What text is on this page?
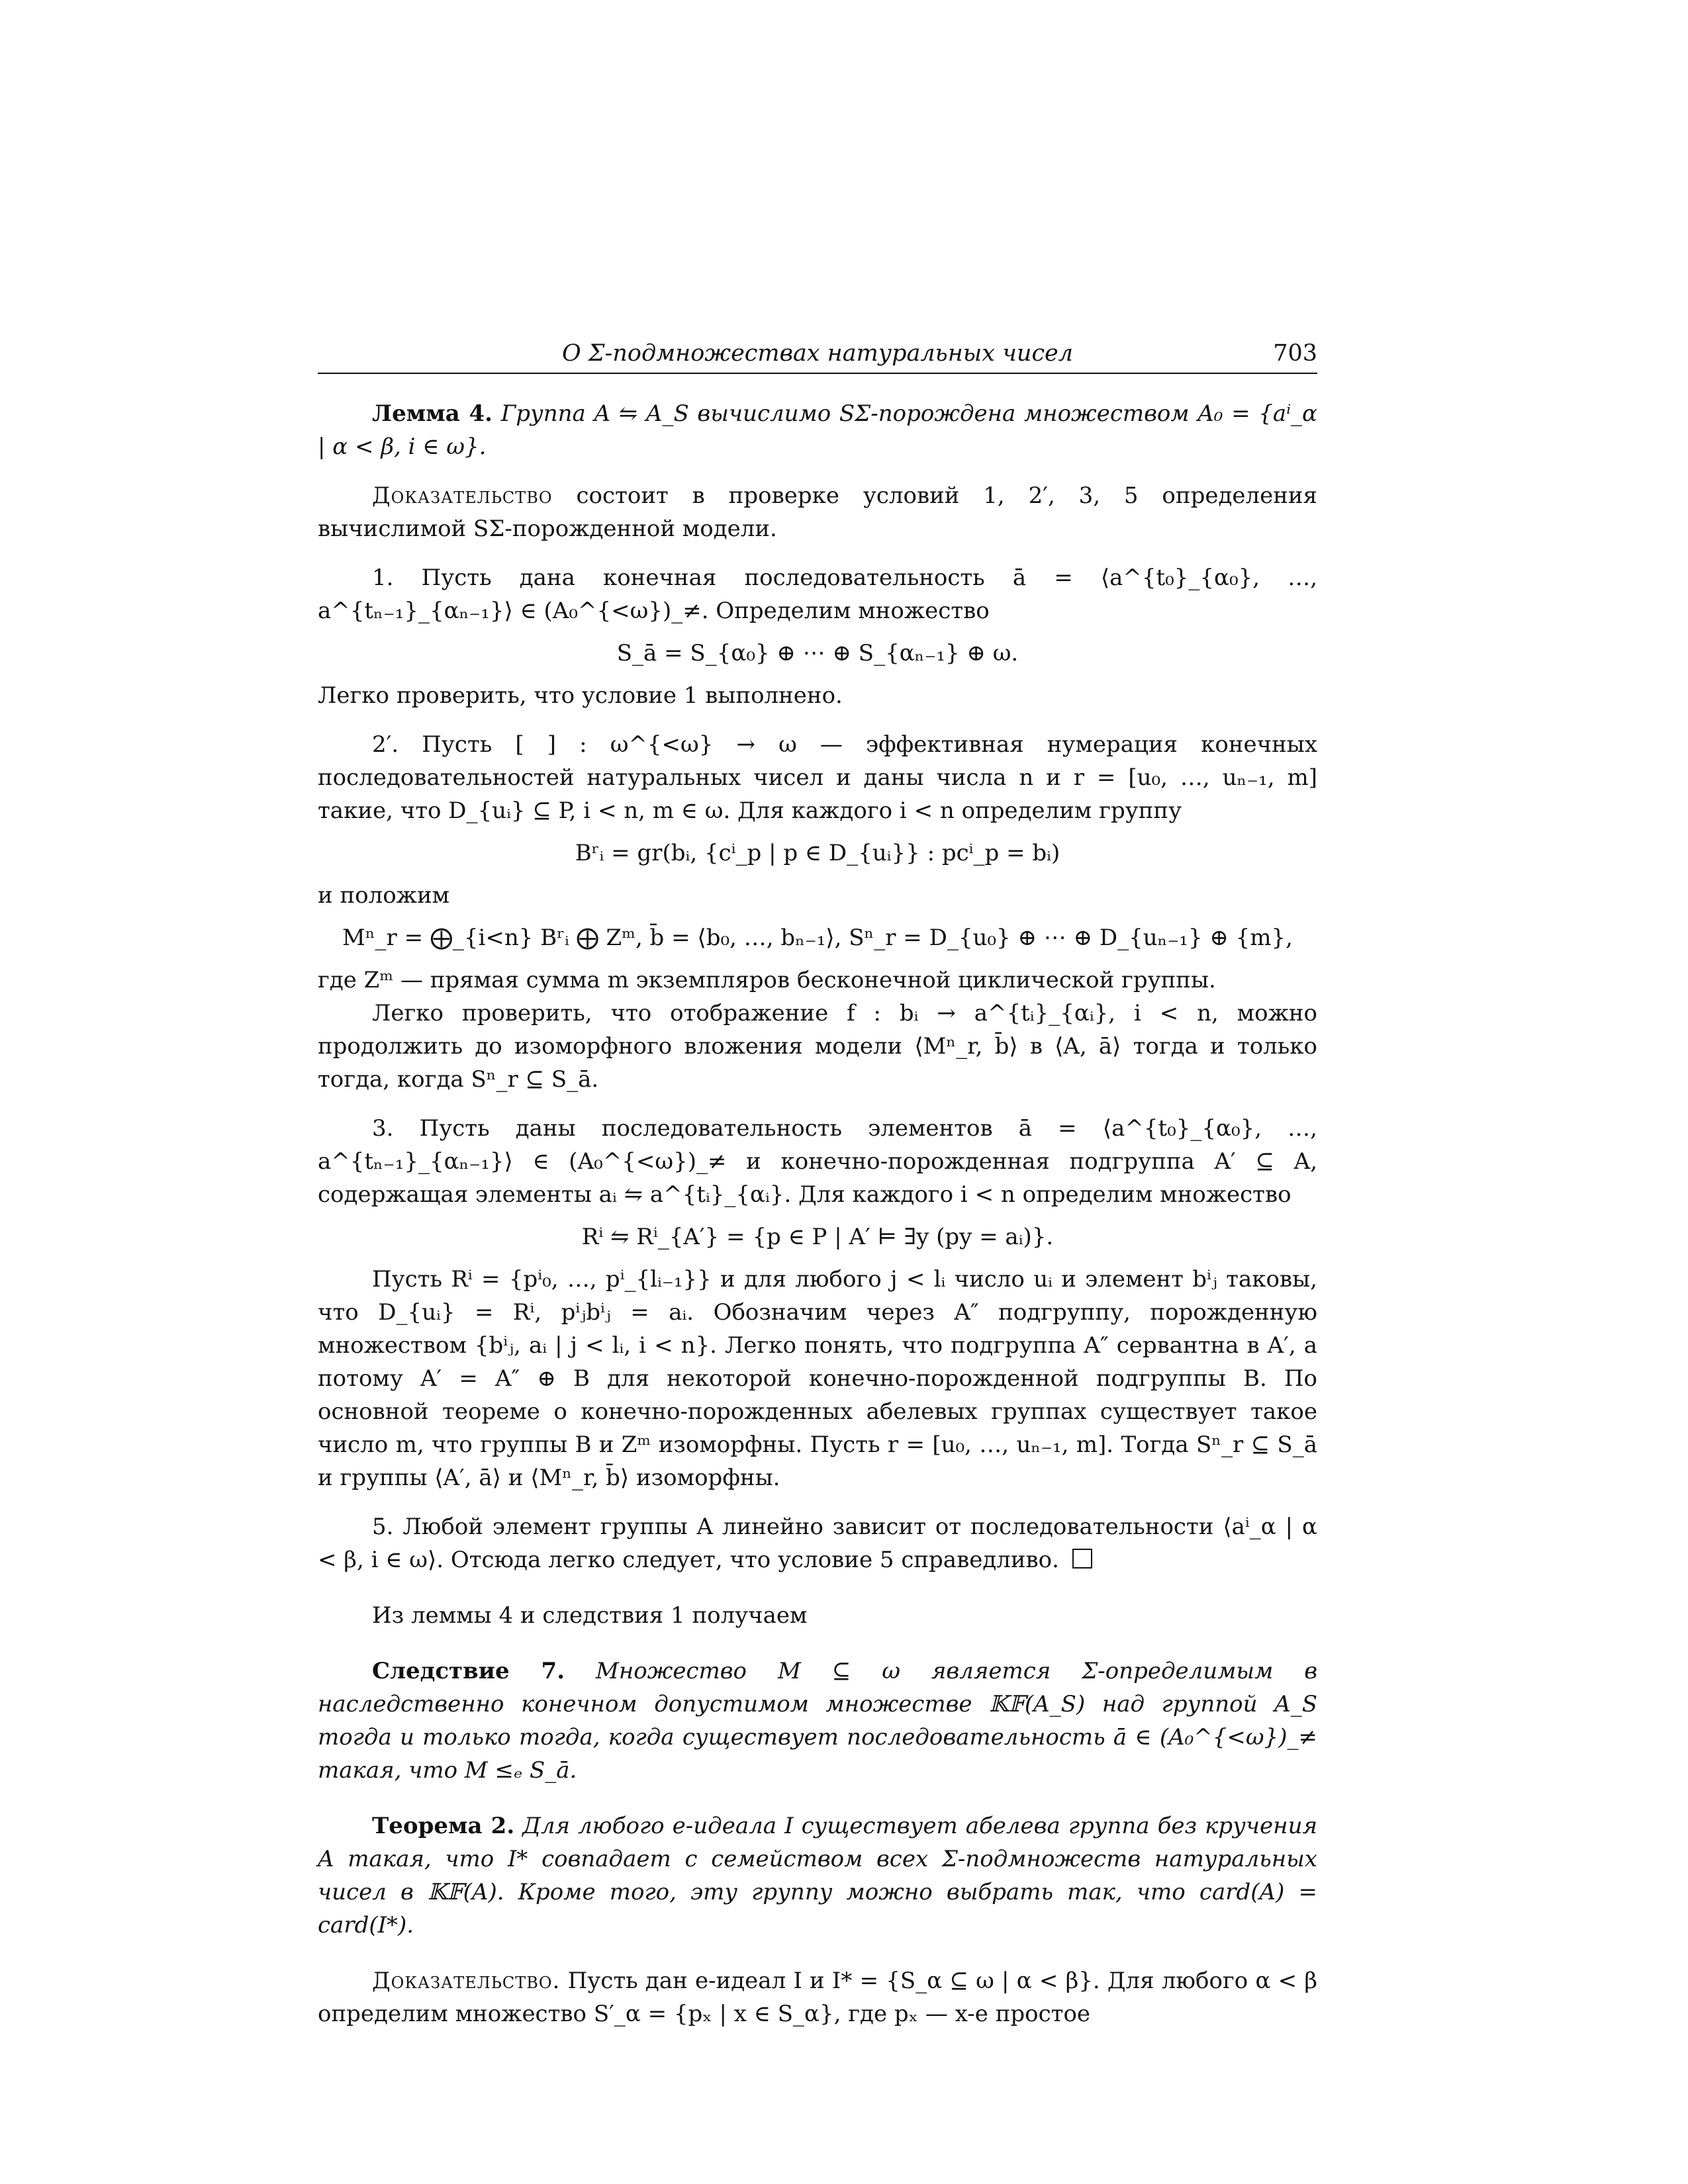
О Σ-подмножествах натуральных чисел	703

Лемма 4. Группа A ⇋ A_S вычислимо SΣ-порождена множеством A₀ = {aⁱ_α | α < β, i ∈ ω}.

Доказательство состоит в проверке условий 1, 2′, 3, 5 определения вычислимой SΣ-порожденной модели.

1. Пусть дана конечная последовательность ā = ⟨a^{t₀}_{α₀}, …, a^{tₙ₋₁}_{αₙ₋₁}⟩ ∈ (A₀^{<ω})_≠. Определим множество

S_ā = S_{α₀} ⊕ ⋯ ⊕ S_{αₙ₋₁} ⊕ ω.

Легко проверить, что условие 1 выполнено.

2′. Пусть [ ] : ω^{<ω} → ω — эффективная нумерация конечных последовательностей натуральных чисел и даны числа n и r = [u₀, …, uₙ₋₁, m] такие, что D_{uᵢ} ⊆ P, i < n, m ∈ ω. Для каждого i < n определим группу

Bʳᵢ = gr(bᵢ, {cⁱ_p | p ∈ D_{uᵢ}} : pcⁱ_p = bᵢ)

и положим

Mⁿ_r = ⨁_{i<n} Bʳᵢ ⨁ Zᵐ, b̄ = ⟨b₀, …, bₙ₋₁⟩, Sⁿ_r = D_{u₀} ⊕ ⋯ ⊕ D_{uₙ₋₁} ⊕ {m},

где Zᵐ — прямая сумма m экземпляров бесконечной циклической группы.

Легко проверить, что отображение f : bᵢ → a^{tᵢ}_{αᵢ}, i < n, можно продолжить до изоморфного вложения модели ⟨Mⁿ_r, b̄⟩ в ⟨A, ā⟩ тогда и только тогда, когда Sⁿ_r ⊆ S_ā.

3. Пусть даны последовательность элементов ā = ⟨a^{t₀}_{α₀}, …, a^{tₙ₋₁}_{αₙ₋₁}⟩ ∈ (A₀^{<ω})_≠ и конечно-порожденная подгруппа A′ ⊆ A, содержащая элементы aᵢ ⇋ a^{tᵢ}_{αᵢ}. Для каждого i < n определим множество

Rⁱ ⇋ Rⁱ_{A′} = {p ∈ P | A′ ⊨ ∃y (py = aᵢ)}.

Пусть Rⁱ = {pⁱ₀, …, pⁱ_{lᵢ₋₁}} и для любого j < lᵢ число uᵢ и элемент bⁱⱼ таковы, что D_{uᵢ} = Rⁱ, pⁱⱼbⁱⱼ = aᵢ. Обозначим через A″ подгруппу, порожденную множеством {bⁱⱼ, aᵢ | j < lᵢ, i < n}. Легко понять, что подгруппа A″ сервантна в A′, а потому A′ = A″ ⊕ B для некоторой конечно-порожденной подгруппы B. По основной теореме о конечно-порожденных абелевых группах существует такое число m, что группы B и Zᵐ изоморфны. Пусть r = [u₀, …, uₙ₋₁, m]. Тогда Sⁿ_r ⊆ S_ā и группы ⟨A′, ā⟩ и ⟨Mⁿ_r, b̄⟩ изоморфны.

5. Любой элемент группы A линейно зависит от последовательности ⟨aⁱ_α | α < β, i ∈ ω⟩. Отсюда легко следует, что условие 5 справедливо.

Из леммы 4 и следствия 1 получаем

Следствие 7. Множество M ⊆ ω является Σ-определимым в наследственно конечном допустимом множестве 𝕂𝔽(A_S) над группой A_S тогда и только тогда, когда существует последовательность ā ∈ (A₀^{<ω})_≠ такая, что M ≤ₑ S_ā.

Теорема 2. Для любого e-идеала I существует абелева группа без кручения A такая, что I* совпадает с семейством всех Σ-подмножеств натуральных чисел в 𝕂𝔽(A). Кроме того, эту группу можно выбрать так, что card(A) = card(I*).

Доказательство. Пусть дан e-идеал I и I* = {S_α ⊆ ω | α < β}. Для любого α < β определим множество S′_α = {pₓ | x ∈ S_α}, где pₓ — x-е простое
